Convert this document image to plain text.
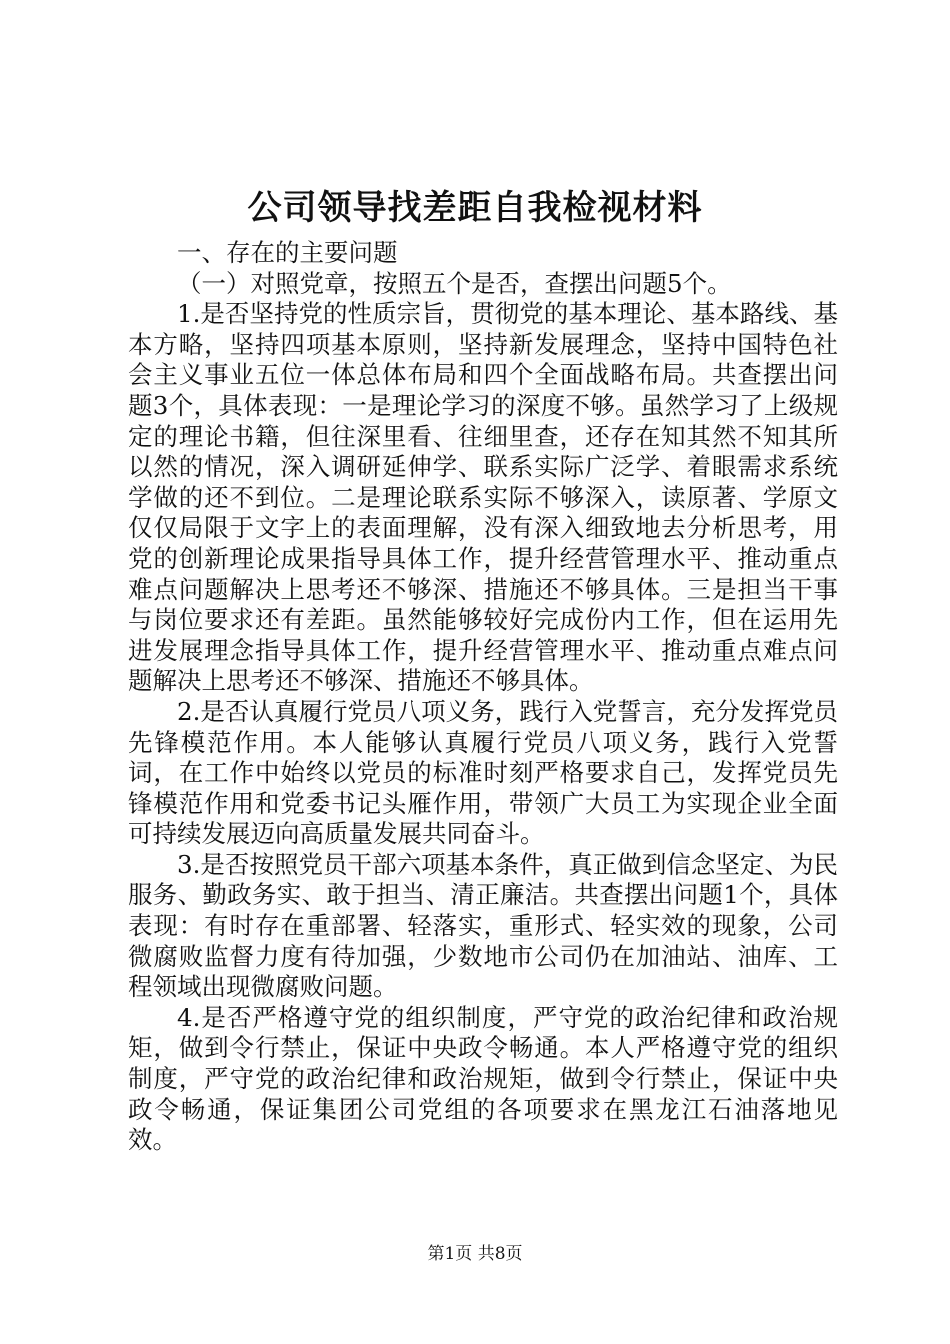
公司领导找差距自我检视材料

一、存在的主要问题

（一）对照党章，按照五个是否，查摆出问题5个。

1.是否坚持党的性质宗旨，贯彻党的基本理论、基本路线、基本方略，坚持四项基本原则，坚持新发展理念，坚持中国特色社会主义事业五位一体总体布局和四个全面战略布局。共查摆出问题3个，具体表现：一是理论学习的深度不够。虽然学习了上级规定的理论书籍，但往深里看、往细里查，还存在知其然不知其所以然的情况，深入调研延伸学、联系实际广泛学、着眼需求系统学做的还不到位。二是理论联系实际不够深入，读原著、学原文仅仅局限于文字上的表面理解，没有深入细致地去分析思考，用党的创新理论成果指导具体工作，提升经营管理水平、推动重点难点问题解决上思考还不够深、措施还不够具体。三是担当干事与岗位要求还有差距。虽然能够较好完成份内工作，但在运用先进发展理念指导具体工作，提升经营管理水平、推动重点难点问题解决上思考还不够深、措施还不够具体。

2.是否认真履行党员八项义务，践行入党誓言，充分发挥党员先锋模范作用。本人能够认真履行党员八项义务，践行入党誓词，在工作中始终以党员的标准时刻严格要求自己，发挥党员先锋模范作用和党委书记头雁作用，带领广大员工为实现企业全面可持续发展迈向高质量发展共同奋斗。

3.是否按照党员干部六项基本条件，真正做到信念坚定、为民服务、勤政务实、敢于担当、清正廉洁。共查摆出问题1个，具体表现：有时存在重部署、轻落实，重形式、轻实效的现象，公司微腐败监督力度有待加强，少数地市公司仍在加油站、油库、工程领域出现微腐败问题。

4.是否严格遵守党的组织制度，严守党的政治纪律和政治规矩，做到令行禁止，保证中央政令畅通。本人严格遵守党的组织制度，严守党的政治纪律和政治规矩，做到令行禁止，保证中央政令畅通，保证集团公司党组的各项要求在黑龙江石油落地见效。

第1页 共8页
